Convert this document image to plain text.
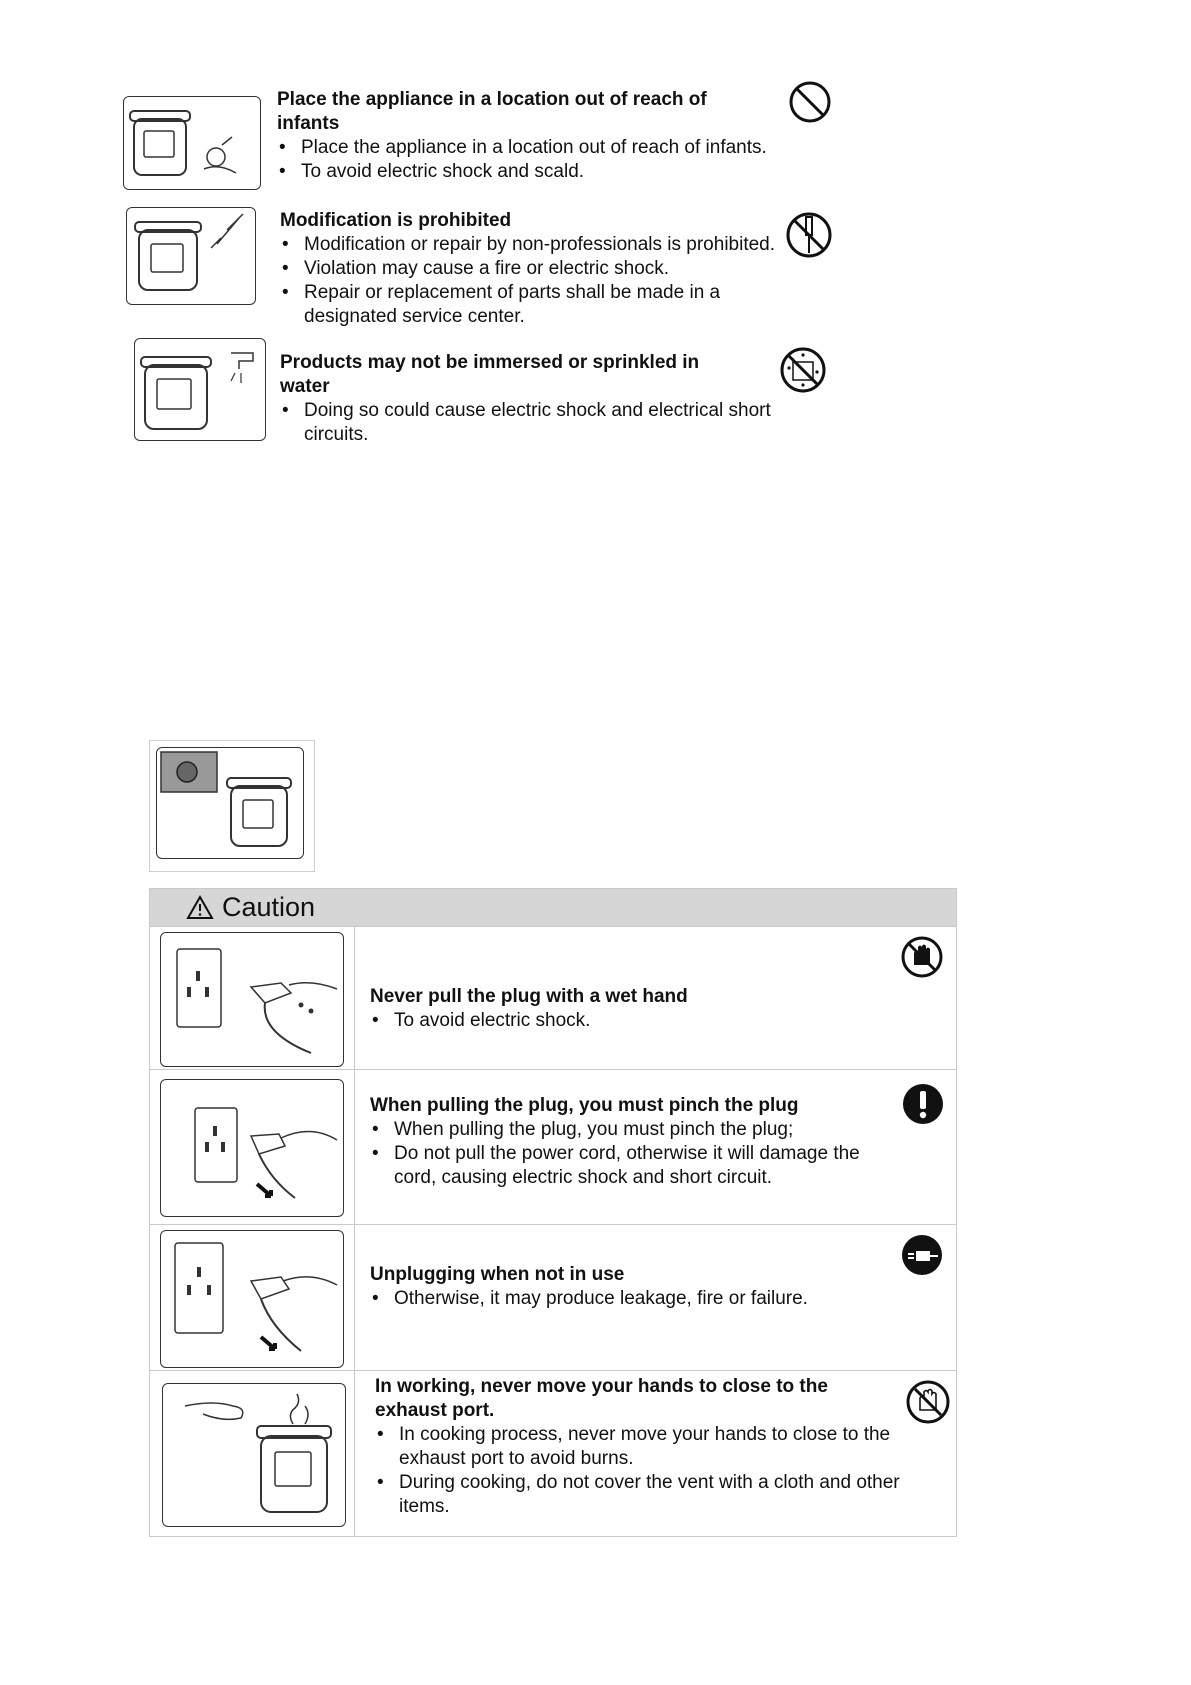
Place the appliance in a location out of reach of infants
• Place the appliance in a location out of reach of infants.
• To avoid electric shock and scald.
Modification is prohibited
• Modification or repair by non-professionals is prohibited.
• Violation may cause a fire or electric shock.
• Repair or replacement of parts shall be made in a designated service center.
Products may not be immersed or sprinkled in water
• Doing so could cause electric shock and electrical short circuits.
Caution
Never pull the plug with a wet hand
• To avoid electric shock.
When pulling the plug, you must pinch the plug
• When pulling the plug, you must pinch the plug;
• Do not pull the power cord, otherwise it will damage the cord, causing electric shock and short circuit.
Unplugging when not in use
• Otherwise, it may produce leakage, fire or failure.
In working, never move your hands to close to the exhaust port.
• In cooking process, never move your hands to close to the exhaust port to avoid burns.
• During cooking, do not cover the vent with a cloth and other items.
